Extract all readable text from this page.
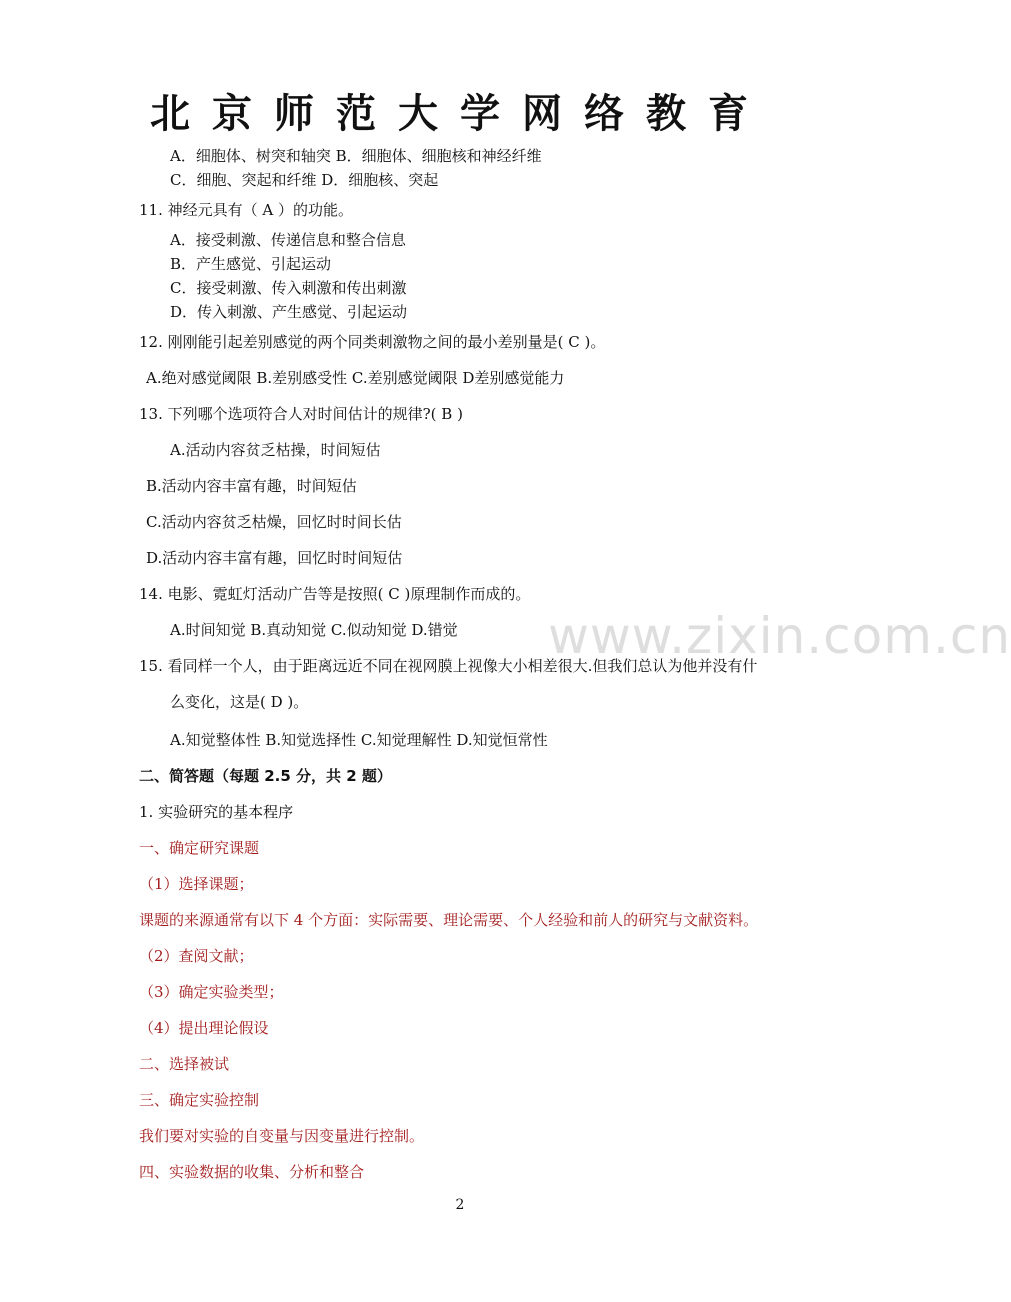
北京师范大学网络教育
A．细胞体、树突和轴突 B．细胞体、细胞核和神经纤维
C．细胞、突起和纤维 D．细胞核、突起
11. 神经元具有（ A ）的功能。
A．接受刺激、传递信息和整合信息
B．产生感觉、引起运动
C．接受刺激、传入刺激和传出刺激
D．传入刺激、产生感觉、引起运动
12. 刚刚能引起差别感觉的两个同类刺激物之间的最小差别量是( C )。
A.绝对感觉阈限 B.差别感受性 C.差别感觉阈限 D差别感觉能力
13. 下列哪个选项符合人对时间估计的规律?( B )
A.活动内容贫乏枯操，时间短估
B.活动内容丰富有趣，时间短估
C.活动内容贫乏枯燥，回忆时时间长估
D.活动内容丰富有趣，回忆时时间短估
14. 电影、霓虹灯活动广告等是按照( C )原理制作而成的。
A.时间知觉 B.真动知觉 C.似动知觉 D.错觉
15. 看同样一个人，由于距离远近不同在视网膜上视像大小相差很大.但我们总认为他并没有什
么变化，这是( D )。
A.知觉整体性 B.知觉选择性 C.知觉理解性 D.知觉恒常性
二、简答题（每题 2.5 分，共 2 题）
1. 实验研究的基本程序
一、确定研究课题
（1）选择课题；
课题的来源通常有以下 4 个方面：实际需要、理论需要、个人经验和前人的研究与文献资料。
（2）查阅文献；
（3）确定实验类型；
（4）提出理论假设
二、选择被试
三、确定实验控制
我们要对实验的自变量与因变量进行控制。
四、实验数据的收集、分析和整合
www.zixin.com.cn
2
